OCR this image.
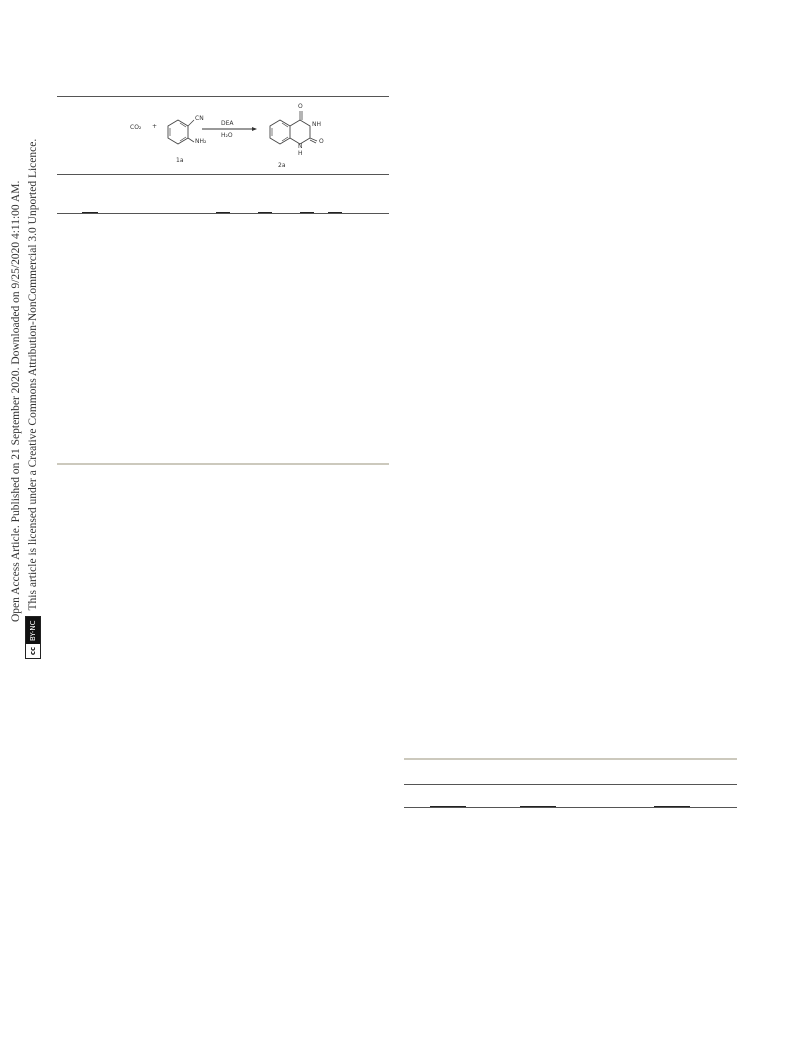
Open Access Article. Published on 21 September 2020. Downloaded on 9/25/2020 4:11:00 AM.
cc
BY-NC
This article is licensed under a Creative Commons Attribution-NonCommercial 3.0 Unported Licence.
CO₂ +
CN
NH₂
DEA
H₂O
1a
O
NH
O
N
H
2a
